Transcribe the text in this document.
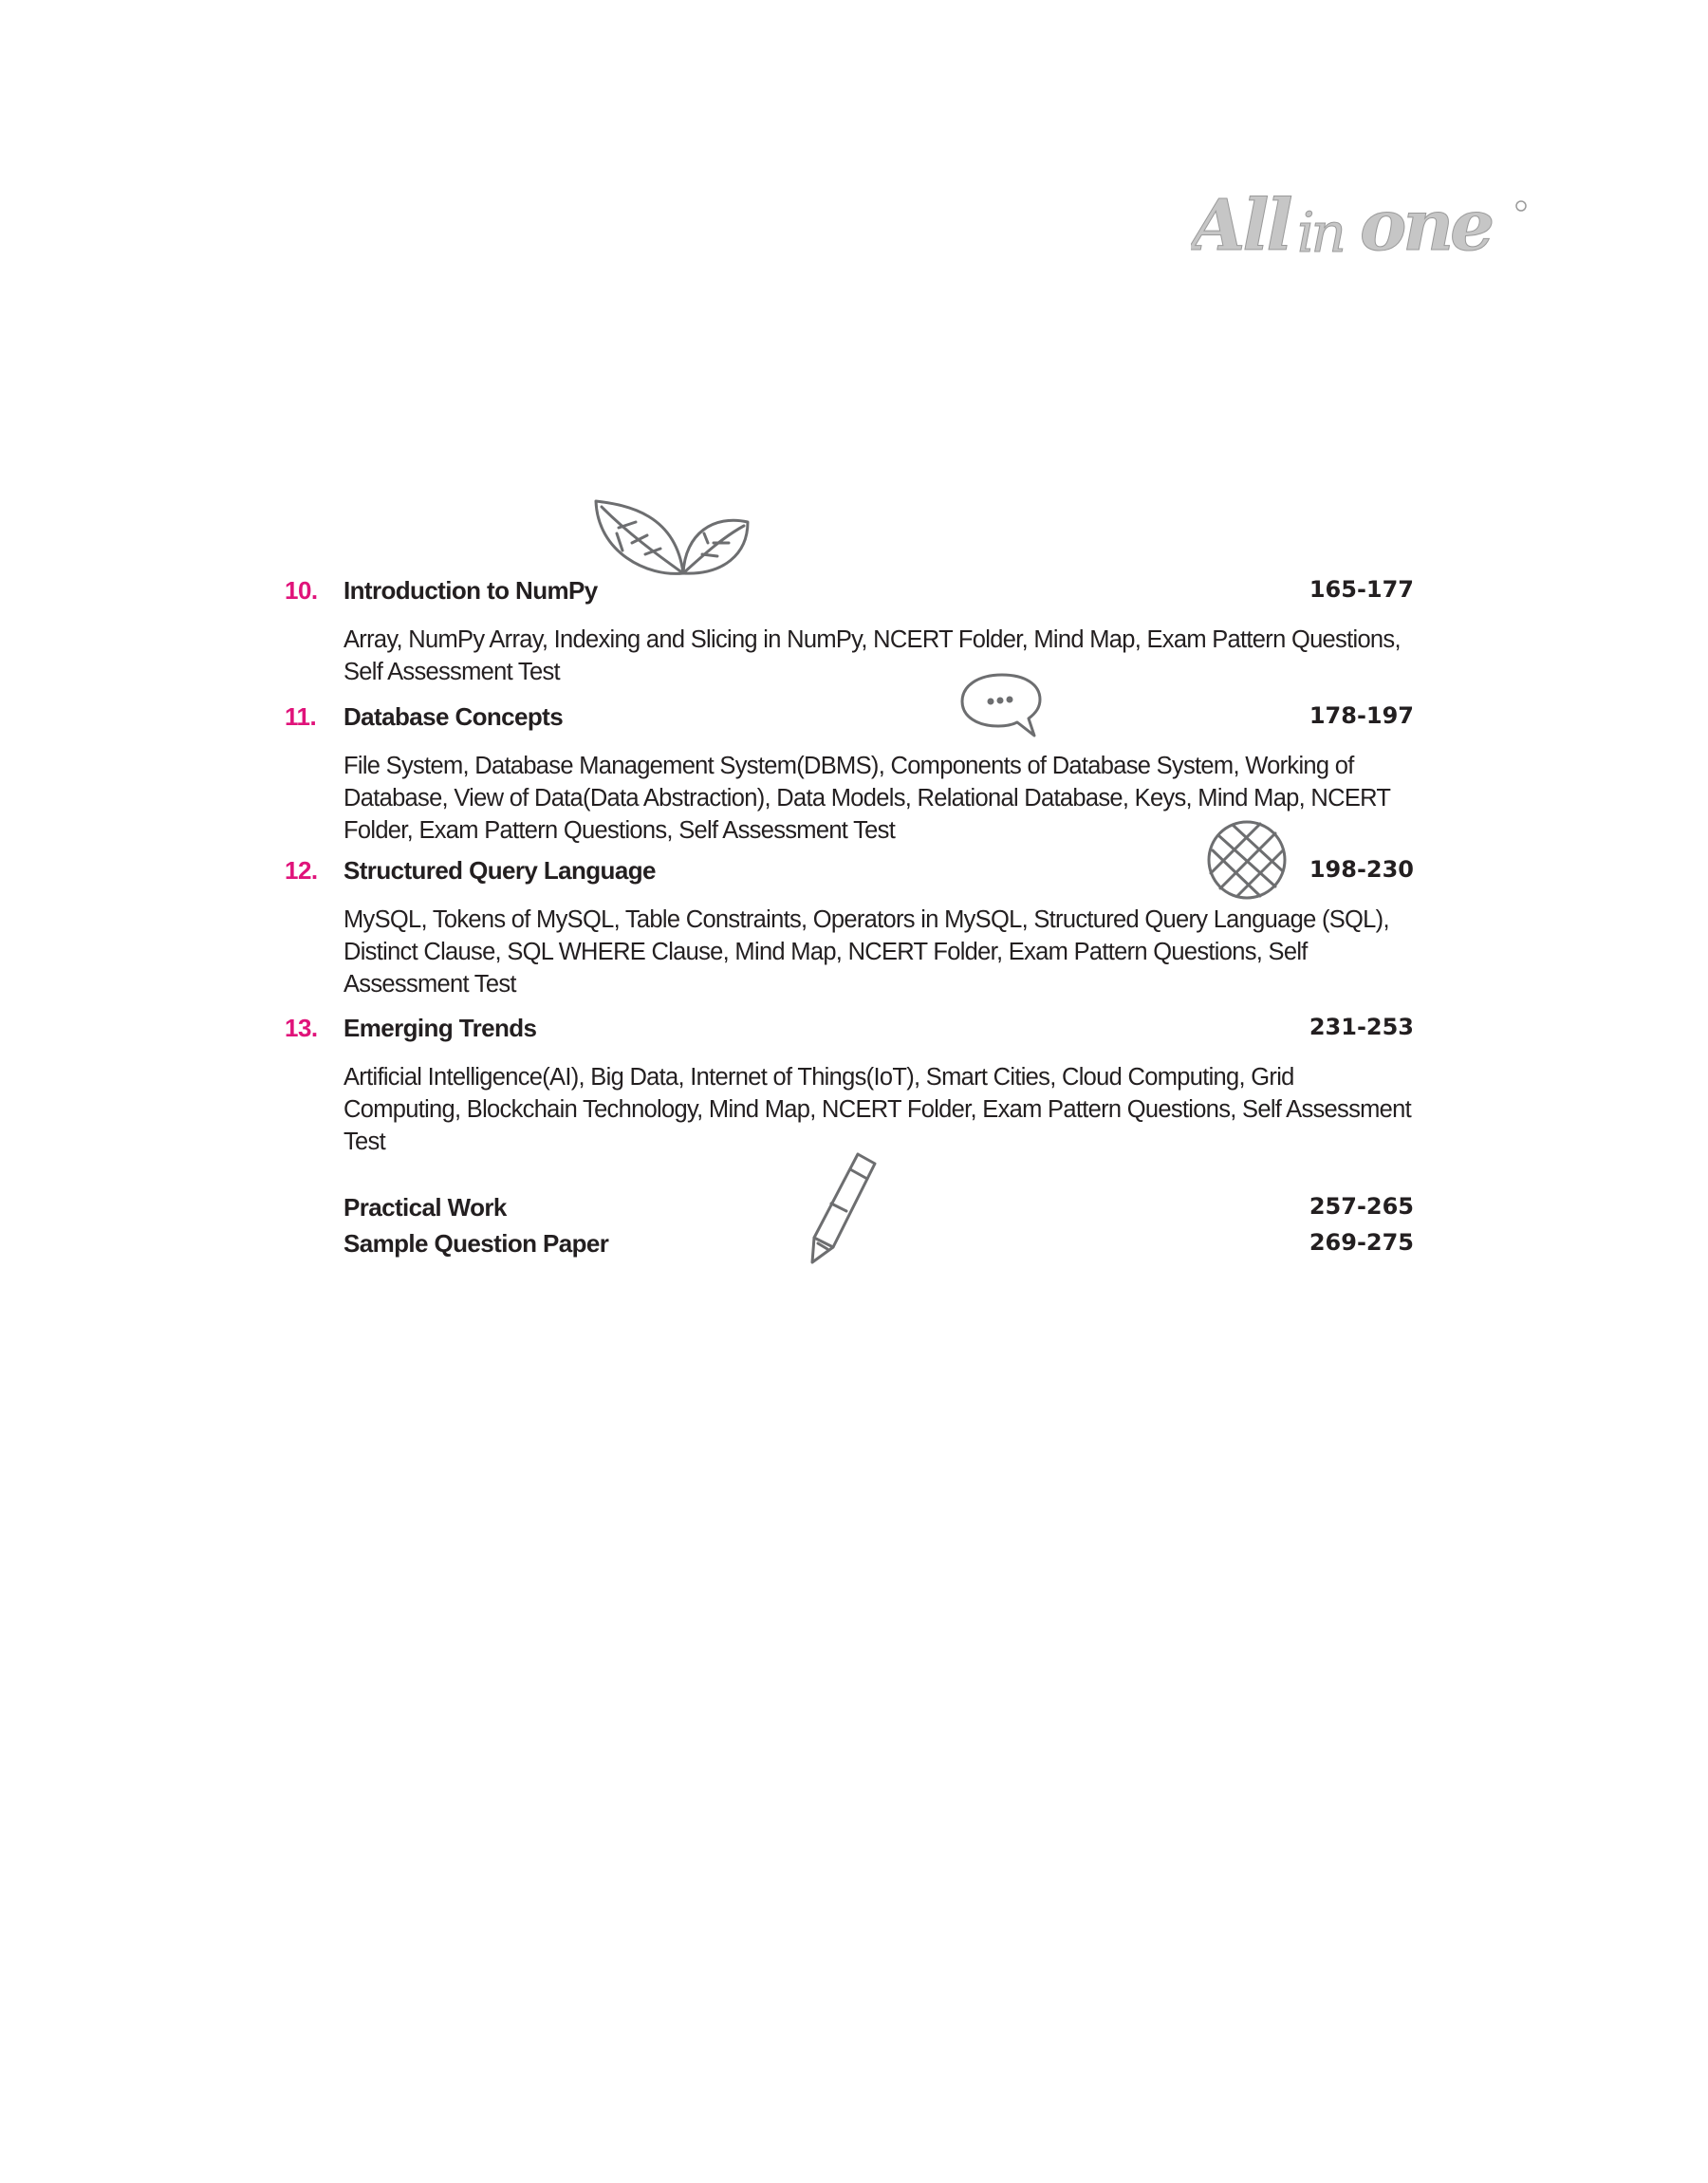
All in one
10. Introduction to NumPy	165-177
Array, NumPy Array, Indexing and Slicing in NumPy, NCERT Folder, Mind Map, Exam Pattern Questions, Self Assessment Test
11. Database Concepts	178-197
File System, Database Management System(DBMS), Components of Database System, Working of Database, View of Data(Data Abstraction), Data Models, Relational Database, Keys, Mind Map, NCERT Folder, Exam Pattern Questions, Self Assessment Test
12. Structured Query Language	198-230
MySQL, Tokens of MySQL, Table Constraints, Operators in MySQL, Structured Query Language (SQL), Distinct Clause, SQL WHERE Clause, Mind Map, NCERT Folder, Exam Pattern Questions, Self Assessment Test
13. Emerging Trends	231-253
Artificial Intelligence(AI), Big Data, Internet of Things(IoT), Smart Cities, Cloud Computing, Grid Computing, Blockchain Technology, Mind Map, NCERT Folder, Exam Pattern Questions, Self Assessment Test
Practical Work	257-265
Sample Question Paper	269-275
